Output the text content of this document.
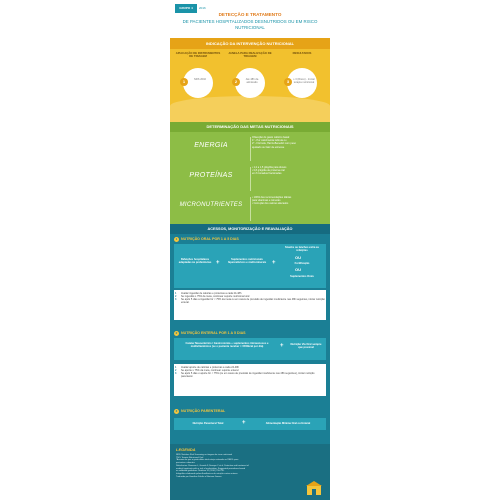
GRUPO 4	2016
DETECÇÃO E TRATAMENTO
DE PACIENTES HOSPITALIZADOS DESNUTRIDOS OU EM RISCO NUTRICIONAL
INDICAÇÃO DA INTERVENÇÃO NUTRICIONAL
APLICAÇÃO DE INSTRUMENTOS DE TRIAGEM
1	NRS 2002
JANELA PARA REALIZAÇÃO DE TRIAGEM
2	Até 48h da admissão
RESULTADOS
3	≥ 3 (Risco) - Iniciar terapia nutricional
DETERMINAÇÃO DAS METAS NUTRICIONAIS
ENERGIA
Obtenção do gasto calórico basal:
1º - Por calorimetria indireta ou
2º - Fórmula, Harris-Benedict com peso
ajustado ou fator de estresse
PROTEÍNAS
• 1,2 a 1,5 g/kg/dia para idosos
• 0,8 g/kg/dia de proteína oral
em 6 tomadas fracionadas
MICRONUTRIENTES
• 100% das recomendações diárias
para vitaminas e minerais
• Correção dos valores alterados
ACESSOS, MONITORIZAÇÃO E REAVALIAÇÃO
1 NUTRIÇÃO ORAL POR 1 A 5 DIAS
Refeições hospitalares adaptadas às preferências +
Suplementos nutricionais hipercalóricos e multi-minerais +
Snacks ou lanches extra as refeições
OU
Fortificação
OU
Suplementos Orais
1 Avaliar ingestão de calorias e proteínas a cada 24-48h
2 Se ingestão ≥ 75% da meta, continuar suporte nutricional oral
3 Se após 5 dias a ingestão for < 75% da meta ou em casos de previsão de ingestão insuficiente nas 48h seguintes, iniciar nutrição enteral.
2 NUTRIÇÃO ENTERAL POR 1 A 5 DIAS
Cateter Nasoentérico / Gastrostomia + suplementos intravenosos e multivitamínicos (se o paciente receber < 1500kcal por dia)	+	Nutrição Via Oral sempre que possível
1 Avaliar aporte de calorias e proteínas a cada 24-48h
2 Se aporte ≥ 75% da meta, continuar suporte enteral
3 Se após 5 dias o aporte for < 75% (ou em casos de previsão de ingestão insuficiente nas 48h seguintes), iniciar nutrição parenteral.
3 NUTRIÇÃO PARENTERAL
Nutrição Parenteral Total	+	Alimentação Mínima Oral ou Enteral
LEGENDA
NRS: Nutrition Risk Screening ou triagem de risco nutricional
TNO: Terapia Nutricional Oral
*Assume-se que o gasto diário total esteja estimado ao REE% para
pacientes e doentes.
Referências: Ronsano L, Grando F, Sawaya C et al. Detection and treatment of
medical inpatients with or risk of malnutrition. Suggested procedures based
on validated guidelines. Nutrition 32 (2016) 790-798.
Infográfico elaborado pelos Acadêmicos de nutrição cartaz autores.
Traduzido por Hamilton Falcão e Mariana Gomes.
